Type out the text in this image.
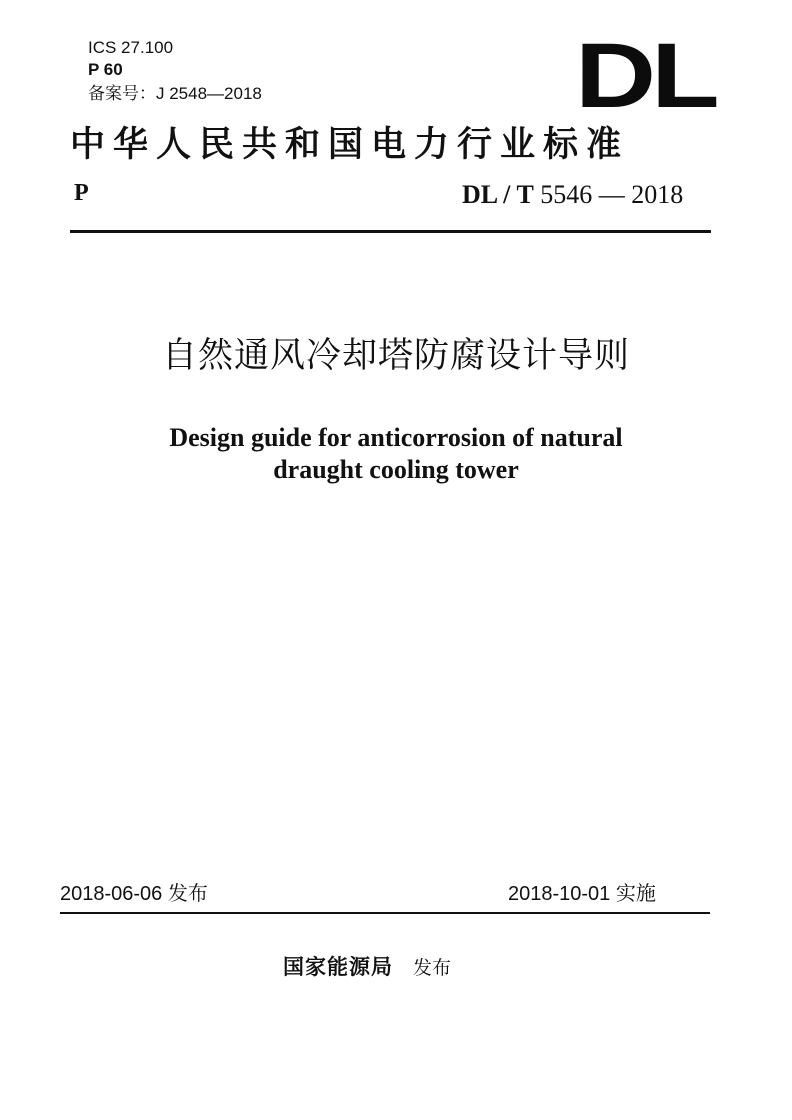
ICS 27.100
P 60
备案号：J 2548—2018	DL
中华人民共和国电力行业标准
P	DL / T 5546 — 2018
自然通风冷却塔防腐设计导则
Design guide for anticorrosion of natural
draught cooling tower
2018-06-06 发布	2018-10-01 实施
国家能源局 发布
